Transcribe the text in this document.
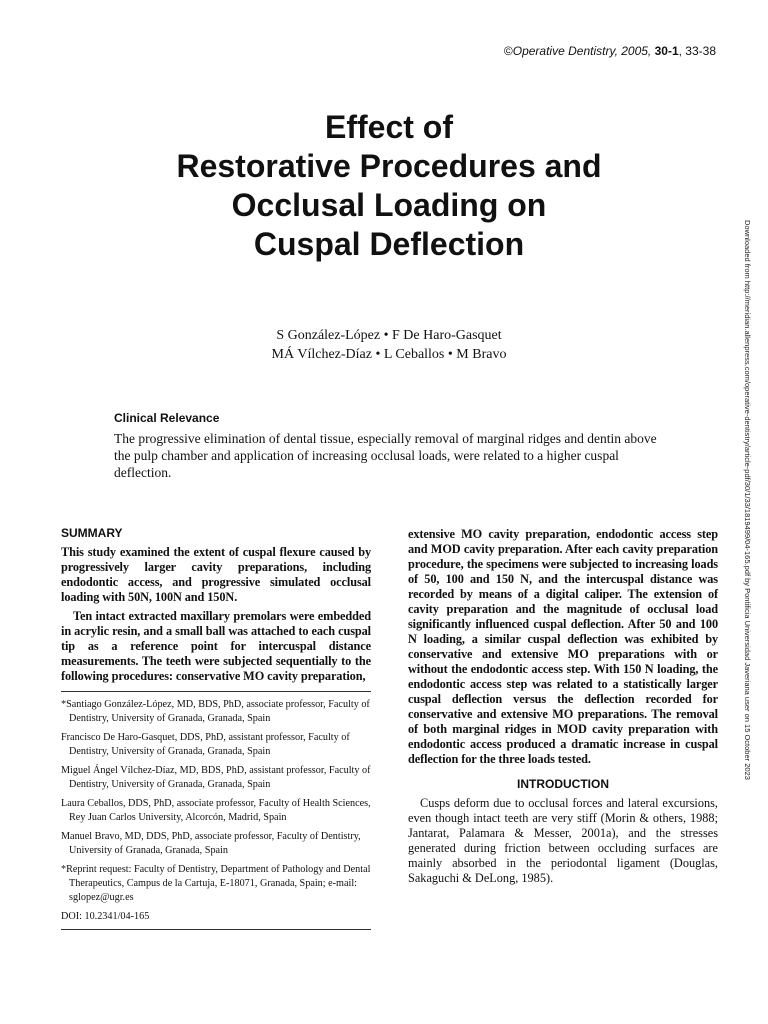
©Operative Dentistry, 2005, 30-1, 33-38
Effect of
Restorative Procedures and
Occlusal Loading on
Cuspal Deflection
S González-López • F De Haro-Gasquet
MÁ Vílchez-Díaz • L Ceballos • M Bravo
Clinical Relevance

The progressive elimination of dental tissue, especially removal of marginal ridges and dentin above the pulp chamber and application of increasing occlusal loads, were related to a higher cuspal deflection.	Downloaded from http://meridian.allenpress.com/operative-dentistry/article-pdf/30/1/33/1819499/04-165.pdf by Pontificia Universidad Javeriana user on 15 October 2023
SUMMARY

This study examined the extent of cuspal flexure caused by progressively larger cavity preparations, including endodontic access, and progressive simulated occlusal loading with 50N, 100N and 150N.

Ten intact extracted maxillary premolars were embedded in acrylic resin, and a small ball was attached to each cuspal tip as a reference point for intercuspal distance measurements. The teeth were subjected sequentially to the following procedures: conservative MO cavity preparation,

*Santiago González-López, MD, BDS, PhD, associate professor, Faculty of Dentistry, University of Granada, Granada, Spain

Francisco De Haro-Gasquet, DDS, PhD, assistant professor, Faculty of Dentistry, University of Granada, Granada, Spain

Miguel Ángel Vílchez-Díaz, MD, BDS, PhD, assistant professor, Faculty of Dentistry, University of Granada, Granada, Spain

Laura Ceballos, DDS, PhD, associate professor, Faculty of Health Sciences, Rey Juan Carlos University, Alcorcón, Madrid, Spain

Manuel Bravo, MD, DDS, PhD, associate professor, Faculty of Dentistry, University of Granada, Granada, Spain

*Reprint request: Faculty of Dentistry, Department of Pathology and Dental Therapeutics, Campus de la Cartuja, E-18071, Granada, Spain; e-mail: sglopez@ugr.es

DOI: 10.2341/04-165

extensive MO cavity preparation, endodontic access step and MOD cavity preparation. After each cavity preparation procedure, the specimens were subjected to increasing loads of 50, 100 and 150 N, and the intercuspal distance was recorded by means of a digital caliper. The extension of cavity preparation and the magnitude of occlusal load significantly influenced cuspal deflection. After 50 and 100 N loading, a similar cuspal deflection was exhibited by conservative and extensive MO preparations with or without the endodontic access step. With 150 N loading, the endodontic access step was related to a statistically larger cuspal deflection versus the deflection recorded for conservative and extensive MO preparations. The removal of both marginal ridges in MOD cavity preparation with endodontic access produced a dramatic increase in cuspal deflection for the three loads tested.

INTRODUCTION

Cusps deform due to occlusal forces and lateral excursions, even though intact teeth are very stiff (Morin & others, 1988; Jantarat, Palamara & Messer, 2001a), and the stresses generated during friction between occluding surfaces are mainly absorbed in the periodontal ligament (Douglas, Sakaguchi & DeLong, 1985).
